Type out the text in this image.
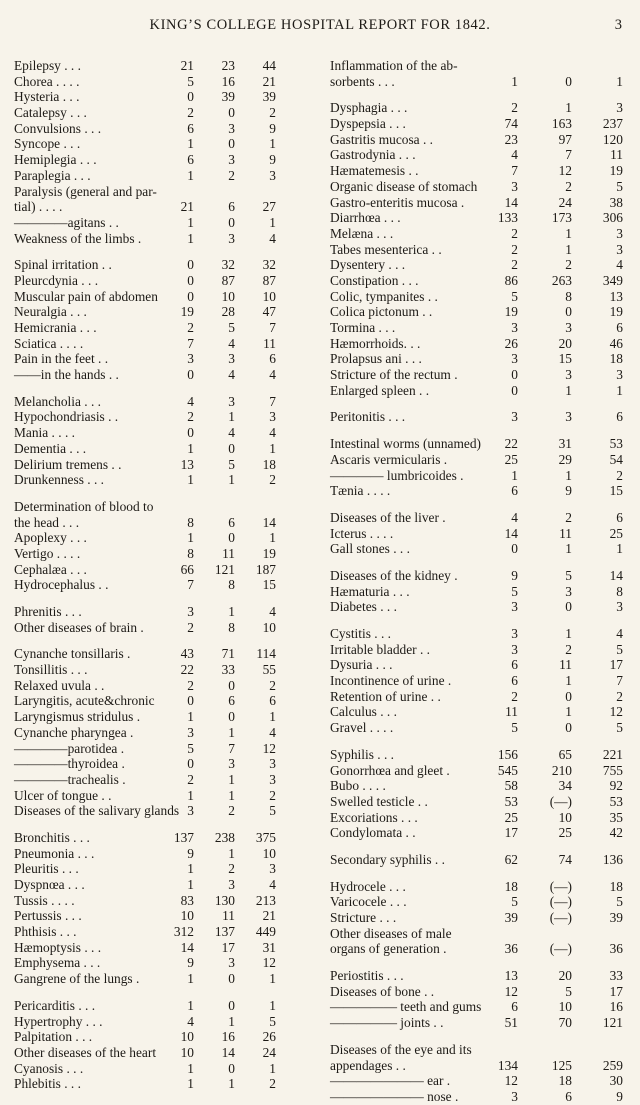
KING’S COLLEGE HOSPITAL REPORT FOR 1842.	3
Epilepsy . . .	21	23	44
Chorea . . . .	5	16	21
Hysteria . . .	0	39	39
Catalepsy . . .	2	0	2
Convulsions . . .	6	3	9
Syncope . . .	1	0	1
Hemiplegia . . .	6	3	9
Paraplegia . . .	1	2	3
Paralysis (general and par-
tial) . . . .	21	6	27
————agitans . .	1	0	1
Weakness of the limbs .	1	3	4
Spinal irritation . .	0	32	32
Pleurcdynia . . .	0	87	87
Muscular pain of abdomen	0	10	10
Neuralgia . . .	19	28	47
Hemicrania . . .	2	5	7
Sciatica . . . .	7	4	11
Pain in the feet . .	3	3	6
——in the hands . .	0	4	4
Melancholia . . .	4	3	7
Hypochondriasis . .	2	1	3
Mania . . . .	0	4	4
Dementia . . .	1	0	1
Delirium tremens . .	13	5	18
Drunkenness . . .	1	1	2
Determination of blood to
the head . . .	8	6	14
Apoplexy . . .	1	0	1
Vertigo . . . .	8	11	19
Cephalæa . . .	66	121	187
Hydrocephalus . .	7	8	15
Phrenitis . . .	3	1	4
Other diseases of brain .	2	8	10
Cynanche tonsillaris .	43	71	114
Tonsillitis . . .	22	33	55
Relaxed uvula . .	2	0	2
Laryngitis, acute&chronic	0	6	6
Laryngismus stridulus .	1	0	1
Cynanche pharyngea .	3	1	4
————parotidea .	5	7	12
————thyroidea .	0	3	3
————trachealis .	2	1	3
Ulcer of tongue . .	1	1	2
Diseases of the salivary glands 3	2	5
Bronchitis . . .	137	238	375
Pneumonia . . .	9	1	10
Pleuritis . . .	1	2	3
Dyspnœa . . .	1	3	4
Tussis . . . .	83	130	213
Pertussis . . .	10	11	21
Phthisis . . .	312	137	449
Hæmoptysis . . .	14	17	31
Emphysema . . .	9	3	12
Gangrene of the lungs .	1	0	1
Pericarditis . . .	1	0	1
Hypertrophy . . .	4	1	5
Palpitation . . .	10	16	26
Other diseases of the heart	10	14	24
Cyanosis . . .	1	0	1
Phlebitis . . .	1	1	2
Inflammation of the ab-
sorbents . . .	1	0	1
Dysphagia . . .	2	1	3
Dyspepsia . . .	74	163	237
Gastritis mucosa . .	23	97	120
Gastrodynia . . .	4	7	11
Hæmatemesis . .	7	12	19
Organic disease of stomach	3	2	5
Gastro-enteritis mucosa .	14	24	38
Diarrhœa . . .	133	173	306
Melæna . . .	2	1	3
Tabes mesenterica . .	2	1	3
Dysentery . . .	2	2	4
Constipation . . .	86	263	349
Colic, tympanites . .	5	8	13
Colica pictonum . .	19	0	19
Tormina . . .	3	3	6
Hæmorrhoids. . .	26	20	46
Prolapsus ani . . .	3	15	18
Stricture of the rectum .	0	3	3
Enlarged spleen . .	0	1	1
Peritonitis . . .	3	3	6
Intestinal worms (unnamed)	22	31	53
Ascaris vermicularis .	25	29	54
———— lumbricoides .	1	1	2
Tænia . . . .	6	9	15
Diseases of the liver .	4	2	6
Icterus . . . .	14	11	25
Gall stones . . .	0	1	1
Diseases of the kidney .	9	5	14
Hæmaturia . . .	5	3	8
Diabetes . . .	3	0	3
Cystitis . . .	3	1	4
Irritable bladder . .	3	2	5
Dysuria . . .	6	11	17
Incontinence of urine .	6	1	7
Retention of urine . .	2	0	2
Calculus . . .	11	1	12
Gravel . . . .	5	0	5
Syphilis . . .	156	65	221
Gonorrhœa and gleet .	545	210	755
Bubo . . . .	58	34	92
Swelled testicle . .	53	(—)	53
Excoriations . . .	25	10	35
Condylomata . .	17	25	42
Secondary syphilis . .	62	74	136
Hydrocele . . .	18	(—)	18
Varicocele . . .	5	(—)	5
Stricture . . .	39	(—)	39
Other diseases of male
organs of generation .	36	(—)	36
Periostitis . . .	13	20	33
Diseases of bone . .	12	5	17
————— teeth and gums	6	10	16
————— joints . .	51	70	121
Diseases of the eye and its
appendages . .	134	125	259
——————— ear .	12	18	30
——————— nose .	3	6	9
